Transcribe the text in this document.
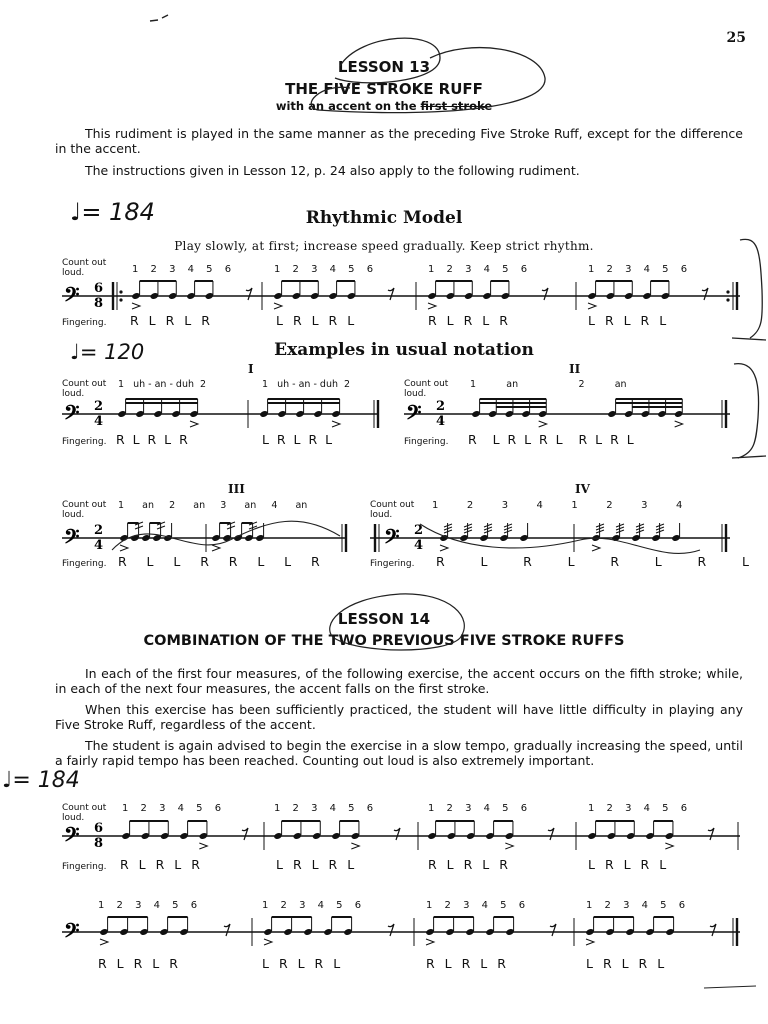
25
LESSON 13
THE FIVE STROKE RUFF
with an accent on the first stroke
This rudiment is played in the same manner as the preceding Five Stroke Ruff, except for the difference in the accent.
The instructions given in Lesson 12, p. 24 also apply to the following rudiment.
♩= 184	Rhythmic Model
Play slowly, at first; increase speed gradually. Keep strict rhythm.
Count out loud.	1 2 3 4 5 6	1 2 3 4 5 6	1 2 3 4 5 6	1 2 3 4 5 6
𝄢 6
8
Fingering. R L R L R	L R L R L	R L R L R	L R L R L
♩= 120	Examples in usual notation
I	II
Count out loud.
1   uh - an - duh  2	1   uh - an - duh  2	Count out loud.
1          an                    2          an
𝄢 2
4	𝄢 2
4
Fingering. R  L  R  L  R	L  R  L  R  L	Fingering. R    L  R  L  R  L    R  L  R  L
III	IV
Count out loud.
1      an     2      an     3      an     4      an	Count out loud.
1          2          3          4          1          2          3          4
𝄢 2
4	𝄢 2
4
Fingering. R     L     L     R     R     L     L     R	Fingering. R         L         R         L         R         L         R         L
LESSON 14
COMBINATION OF THE TWO PREVIOUS FIVE STROKE RUFFS
In each of the first four measures, of the following exercise, the accent occurs on the fifth stroke; while, in each of the next four measures, the accent falls on the first stroke.
When this exercise has been sufficiently practiced, the student will have little difficulty in playing any Five Stroke Ruff, regardless of the accent.
The student is again advised to begin the exercise in a slow tempo, gradually increasing the speed, until a fairly rapid tempo has been reached. Counting out loud is also extremely important.
♩= 184
Count out loud.
1 2 3 4 5 6	1 2 3 4 5 6	1 2 3 4 5 6	1 2 3 4 5 6
𝄢 6
8
Fingering. R L R L R	L R L R L	R L R L R	L R L R L
1 2 3 4 5 6	1 2 3 4 5 6	1 2 3 4 5 6	1 2 3 4 5 6
𝄢
R L R L R	L R L R L	R L R L R	L R L R L
